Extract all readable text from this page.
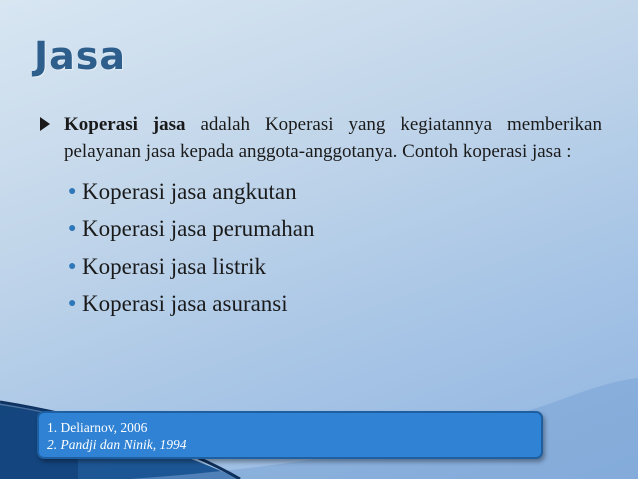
Jasa
Koperasi jasa adalah Koperasi yang kegiatannya memberikan pelayanan jasa kepada anggota-anggotanya. Contoh koperasi jasa :
● Koperasi jasa angkutan
● Koperasi jasa perumahan
● Koperasi jasa listrik
● Koperasi jasa asuransi
1. Deliarnov, 2006
2. Pandji dan Ninik, 1994
